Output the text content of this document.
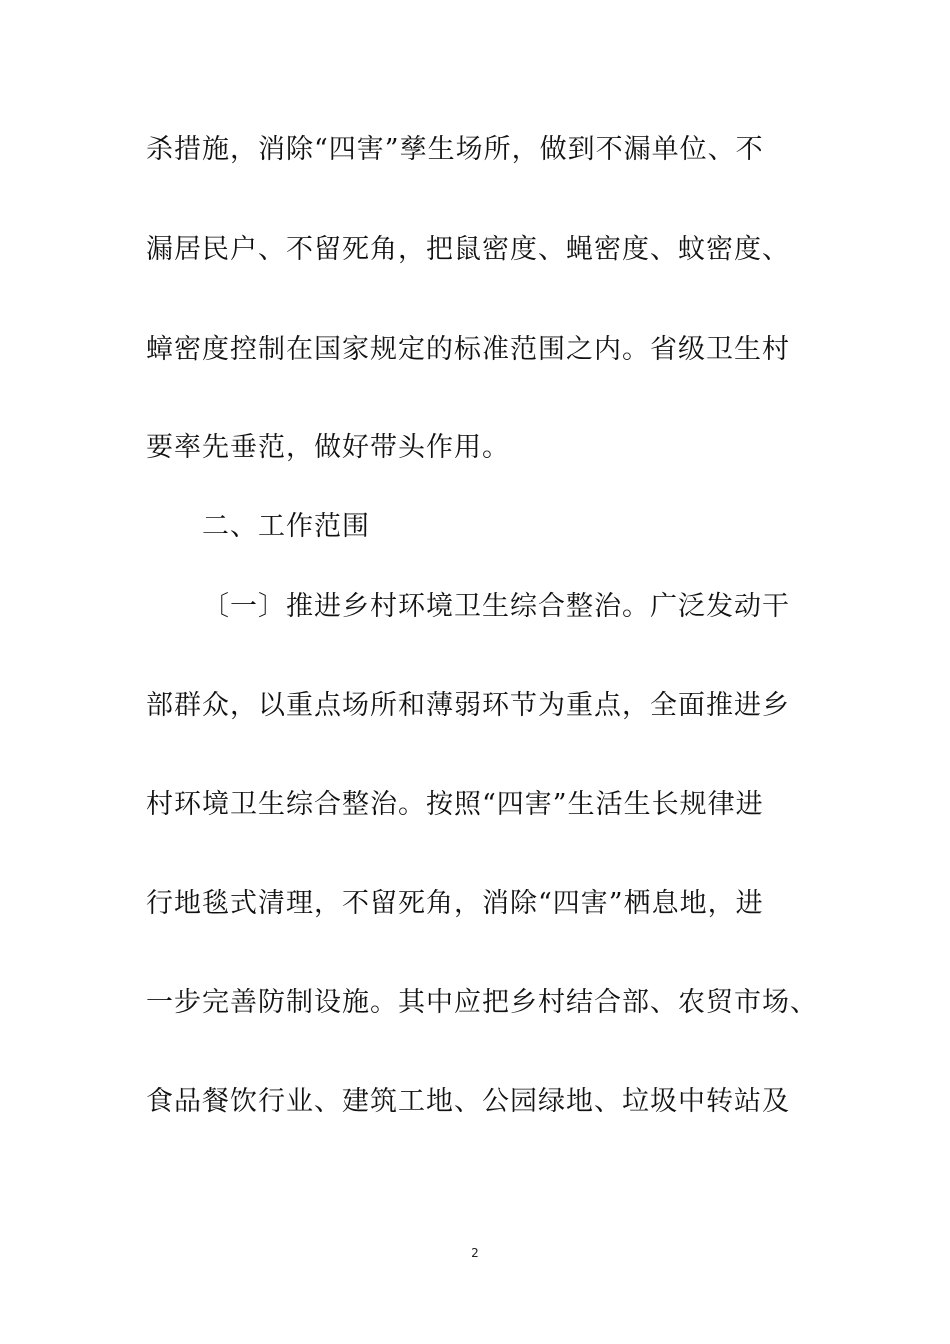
杀措施，消除“四害”孳生场所，做到不漏单位、不
漏居民户、不留死角，把鼠密度、蝇密度、蚊密度、
蟑密度控制在国家规定的标准范围之内。省级卫生村
要率先垂范，做好带头作用。
二、工作范围
〔一〕推进乡村环境卫生综合整治。广泛发动干
部群众，以重点场所和薄弱环节为重点，全面推进乡
村环境卫生综合整治。按照“四害”生活生长规律进
行地毯式清理，不留死角，消除“四害”栖息地，进
一步完善防制设施。其中应把乡村结合部、农贸市场、
食品餐饮行业、建筑工地、公园绿地、垃圾中转站及
2
